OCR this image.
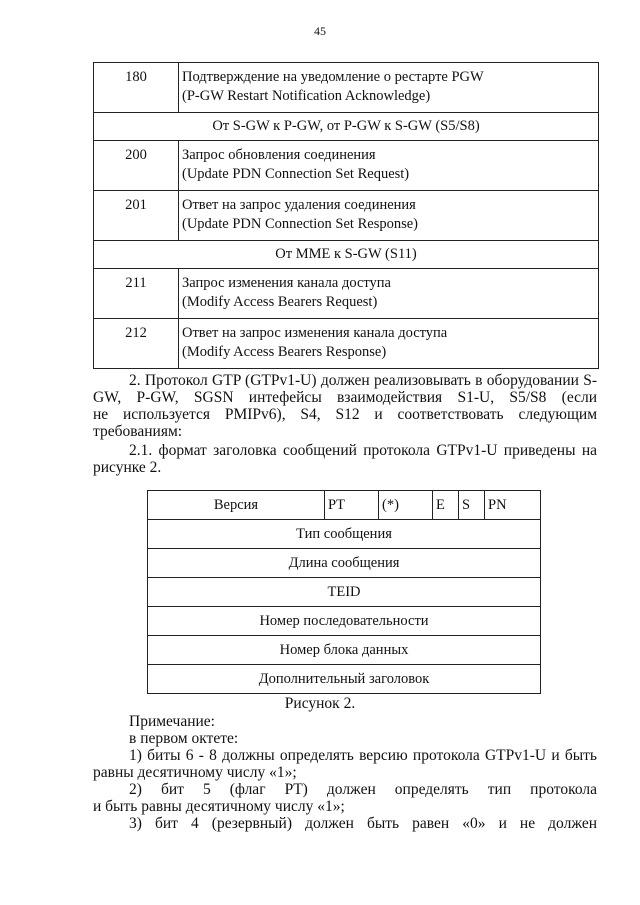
45
180	Подтверждение на уведомление о рестарте PGW
(P-GW Restart Notification Acknowledge)

От S-GW к P-GW, от P-GW к S-GW (S5/S8)	
200	Запрос обновления соединения
(Update PDN Connection Set Request)

201	Ответ на запрос удаления соединения
(Update PDN Connection Set Response)

От MME к S-GW (S11)	
211	Запрос изменения канала доступа
(Modify Access Bearers Request)

212	Ответ на запрос изменения канала доступа
(Modify Access Bearers Response)
2. Протокол GTP (GTPv1-U) должен реализовывать в оборудовании S-
GW, P-GW, SGSN интефейсы взаимодействия S1-U, S5/S8 (если
не используется PMIPv6), S4, S12 и соответствовать следующим
требованиям:
2.1. формат заголовка сообщений протокола GTPv1-U приведены на
рисунке 2.
Версия	PT	(*)	E	S	PN
Тип сообщения
Длина сообщения
TEID
Номер последовательности
Номер блока данных
Дополнительный заголовок
Рисунок 2.
Примечание:
в первом октете:
1) биты 6 - 8 должны определять версию протокола GTPv1-U и быть
равны десятичному числу «1»;
2) бит 5 (флаг PT) должен определять тип протокола
и быть равны десятичному числу «1»;
3) бит 4 (резервный) должен быть равен «0» и не должен
